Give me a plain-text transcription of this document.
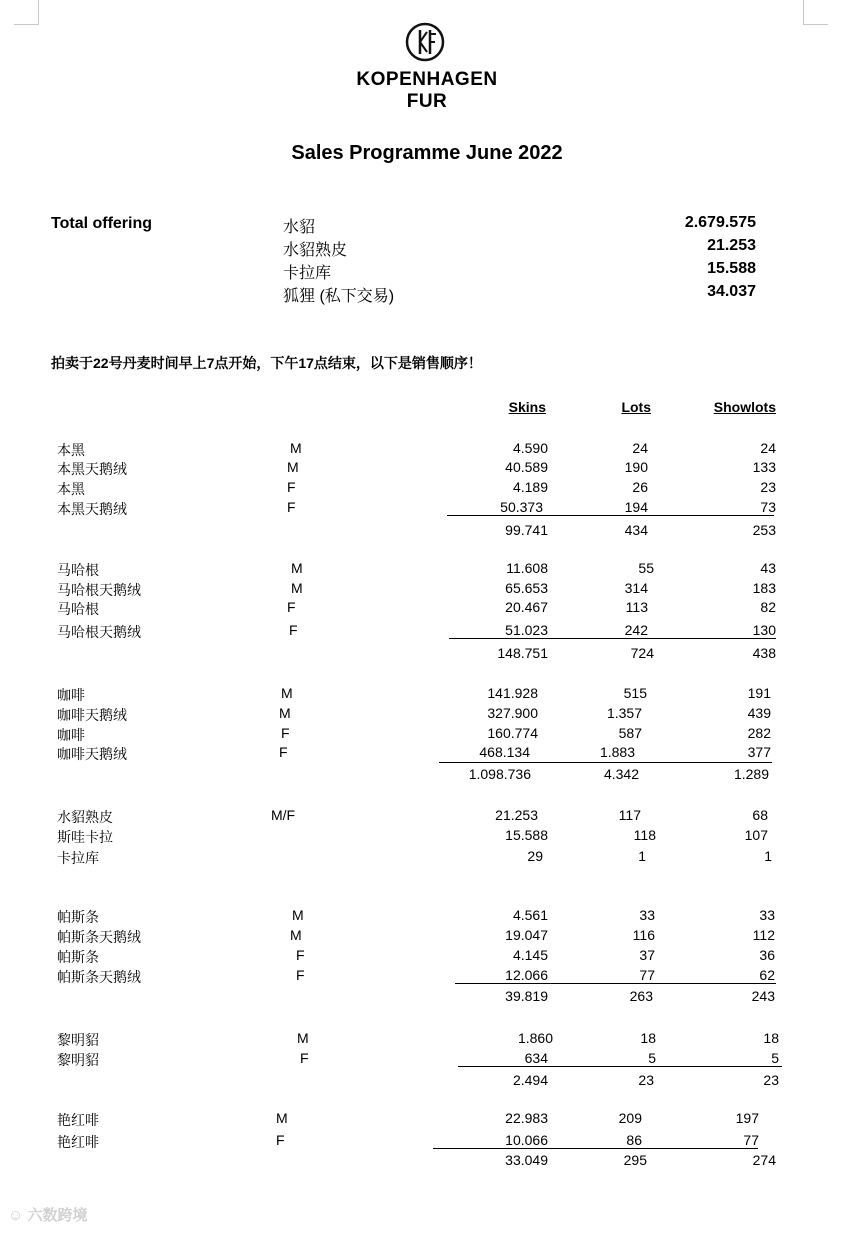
KOPENHAGEN
FUR
Sales Programme June 2022
Total offering	水貂	2.679.575
水貂熟皮	21.253
卡拉库	15.588
狐狸 (私下交易)	34.037
拍卖于22号丹麦时间早上7点开始，下午17点结束，以下是销售顺序！
Skins	Lots	Showlots
本黑	M	4.590	24	24
本黑天鹅绒	M	40.589	190	133
本黑	F	4.189	26	23
本黑天鹅绒	F	50.373	194	73
99.741	434	253
马哈根	M	11.608	55	43
马哈根天鹅绒	M	65.653	314	183
马哈根	F	20.467	113	82
马哈根天鹅绒	F	51.023	242	130
148.751	724	438
咖啡	M	141.928	515	191
咖啡天鹅绒	M	327.900	1.357	439
咖啡	F	160.774	587	282
咖啡天鹅绒	F	468.134	1.883	377
1.098.736	4.342	1.289
水貂熟皮	M/F	21.253	117	68
斯哇卡拉	15.588	118	107
卡拉库	29	1	1
帕斯条	M	4.561	33	33
帕斯条天鹅绒	M	19.047	116	112
帕斯条	F	4.145	37	36
帕斯条天鹅绒	F	12.066	77	62
39.819	263	243
黎明貂	M	1.860	18	18
黎明貂	F	634	5	5
2.494	23	23
艳红啡	M	22.983	209	197
艳红啡	F	10.066	86	77
33.049	295	274
☺ 六数跨境
